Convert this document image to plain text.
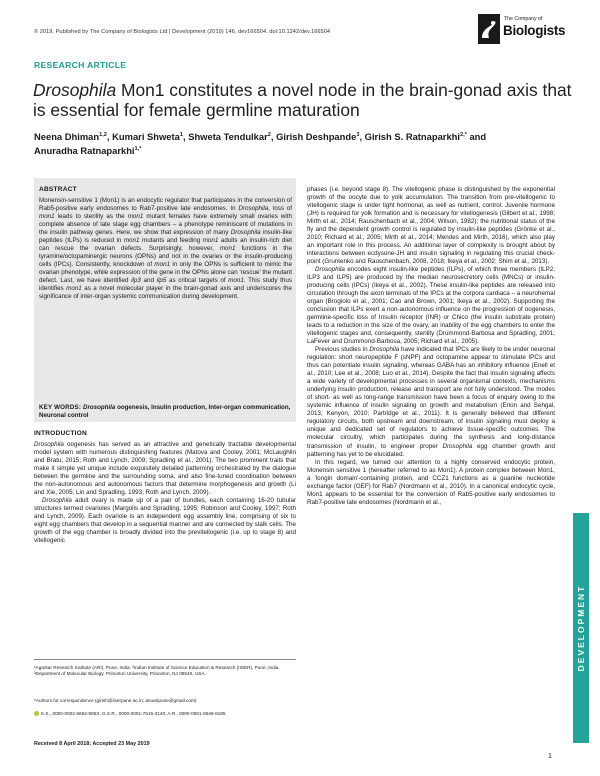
© 2019. Published by The Company of Biologists Ltd | Development (2019) 146, dev166504. doi:10.1242/dev.166504
The Company of
Biologists
RESEARCH ARTICLE
Drosophila Mon1 constitutes a novel node in the brain-gonad axis that is essential for female germline maturation
Neena Dhiman$^{1,2}$, Kumari Shweta$^1$, Shweta Tendulkar$^2$, Girish Deshpande$^3$, Girish S. Ratnaparkhi$^{2,*}$ and
Anuradha Ratnaparkhi$^{1,*}$
ABSTRACT
Monensin-sensitive 1 (Mon1) is an endocytic regulator that participates in the conversion of Rab5-positive early endosomes to Rab7-positive late endosomes. In Drosophila, loss of mon1 leads to sterility as the mon1 mutant females have extremely small ovaries with complete absence of late stage egg chambers – a phenotype reminiscent of mutations in the insulin pathway genes. Here, we show that expression of many Drosophila insulin-like peptides (ILPs) is reduced in mon1 mutants and feeding mon1 adults an insulin-rich diet can rescue the ovarian defects. Surprisingly, however, mon1 functions in the tyramine/octopaminergic neurons (OPNs) and not in the ovaries or the insulin-producing cells (IPCs). Consistently, knockdown of mon1 in only the OPNs is sufficient to mimic the ovarian phenotype, while expression of the gene in the OPNs alone can 'rescue' the mutant defect. Last, we have identified ilp3 and ilp5 as critical targets of mon1. This study thus identifies mon1 as a novel molecular player in the brain-gonad axis and underscores the significance of inter-organ systemic communication during development.
KEY WORDS: Drosophila oogenesis, Insulin production, Inter-organ communication, Neuronal control
INTRODUCTION

Drosophila oogenesis has served as an attractive and genetically tractable developmental model system with numerous distinguishing features (Matova and Cooley, 2001; McLaughlin and Bratu, 2015; Roth and Lynch, 2009; Spradling et al., 2001). The two prominent traits that make it simple yet unique include exquisitely detailed patterning orchestrated by the dialogue between the germline and the surrounding soma, and also fine-tuned coordination between the non-autonomous and autonomous factors that determine morphogenesis and growth (Li and Xie, 2005; Lin and Spradling, 1993; Roth and Lynch, 2009).

Drosophila adult ovary is made up of a pair of bundles, each containing 16-20 tubular structures termed ovarioles (Margolis and Spradling, 1995; Robinson and Cooley, 1997; Roth and Lynch, 2009). Each ovariole is an independent egg assembly line, comprising of six to eight egg chambers that develop in a sequential manner and are connected by stalk cells. The growth of the egg chamber is broadly divided into the previtellogenic (i.e. up to stage 8) and vitellogenic

¹Agarkar Research Institute (ARI), Pune, India. ²Indian Institute of Science Education & Research (IISER), Pune, India. ³Department of Molecular Biology, Princeton University, Princeton, NJ 08540, USA.
*Authors for correspondence (girish@iiserpune.ac.in; anuaripune@gmail.com)
K.S., 0000-0002-5692-905X; G.S.R., 0000-0001-7615-3140; A.R., 0000-0001-6548-6185
Received 8 April 2018; Accepted 23 May 2019

phases (i.e. beyond stage 8). The vitellogenic phase is distinguished by the exponential growth of the oocyte due to yolk accumulation. The transition from pre-vitellogenic to vitellogenic stage is under tight hormonal, as well as nutrient, control. Juvenile hormone (JH) is required for yolk formation and is necessary for vitellogenesis (Gilbert et al., 1998; Mirth et al., 2014; Rauschenbach et al., 2004; Wilson, 1982); the nutritional status of the fly and the dependent growth control is regulated by insulin-like peptides (Grönke et al., 2010; Richard et al., 2005; Mirth et al., 2014; Mendes and Mirth, 2016), which also play an important role in this process. An additional layer of complexity is brought about by interactions between ecdysone-JH and insulin signaling in regulating this crucial check-point (Gruntenko and Rauschenbach, 2008, 2018; Ikeya et al., 2002; Shim et al., 2013).

Drosophila encodes eight insulin-like peptides (ILPs), of which three members (ILP2, ILP3 and ILP5) are produced by the median neurosecretory cells (MNCs) or insulin-producing cells (IPCs) (Ikeya et al., 2002). These insulin-like peptides are released into circulation through the axon terminals of the IPCs at the corpora cardiaca – a neurohemal organ (Brogiolo et al., 2001; Cao and Brown, 2001; Ikeya et al., 2002). Supporting the conclusion that ILPs exert a non-autonomous influence on the progression of oogenesis, germline-specific loss of Insulin receptor (INR) or Chico (the insulin substrate protein) leads to a reduction in the size of the ovary, an inability of the egg chambers to enter the vitellogenic stages and, consequently, sterility (Drummond-Barbosa and Spradling, 2001; LaFever and Drummond-Barbosa, 2005; Richard et al., 2005).

Previous studies in Drosophila have indicated that IPCs are likely to be under neuronal regulation: short neuropeptide F (sNPF) and octopamine appear to stimulate IPCs and thus can potentiate insulin signaling, whereas GABA has an inhibitory influence (Enell et al., 2010; Lee et al., 2008; Luo et al., 2014). Despite the fact that insulin signaling affects a wide variety of developmental processes in several organismal contexts, mechanisms underlying insulin production, release and transport are not fully understood. The modes of short- as well as long-range transmission have been a focus of enquiry owing to the systemic influence of insulin signaling on growth and metabolism (Erion and Sehgal, 2013; Kenyon, 2010; Partridge et al., 2011). It is generally believed that different regulatory circuits, both upstream and downstream, of insulin signaling must deploy a unique and dedicated set of regulators to achieve tissue-specific outcomes. The molecular circuitry, which participates during the synthesis and long-distance transmission of insulin, to engineer proper Drosophila egg chamber growth and patterning has yet to be elucidated.

In this regard, we turned our attention to a highly conserved endocytic protein, Monensin sensitive 1 (hereafter referred to as Mon1). A protein complex between Mon1, a 'longin domain'-containing protein, and CCZ1 functions as a guanine nucleotide exchange factor (GEF) for Rab7 (Nordmann et al., 2010). In a canonical endocytic cycle, Mon1 appears to be essential for the conversion of Rab5-positive early endosomes to Rab7-positive late endosomes (Nordmann et al.,

DEVELOPMENT
1
